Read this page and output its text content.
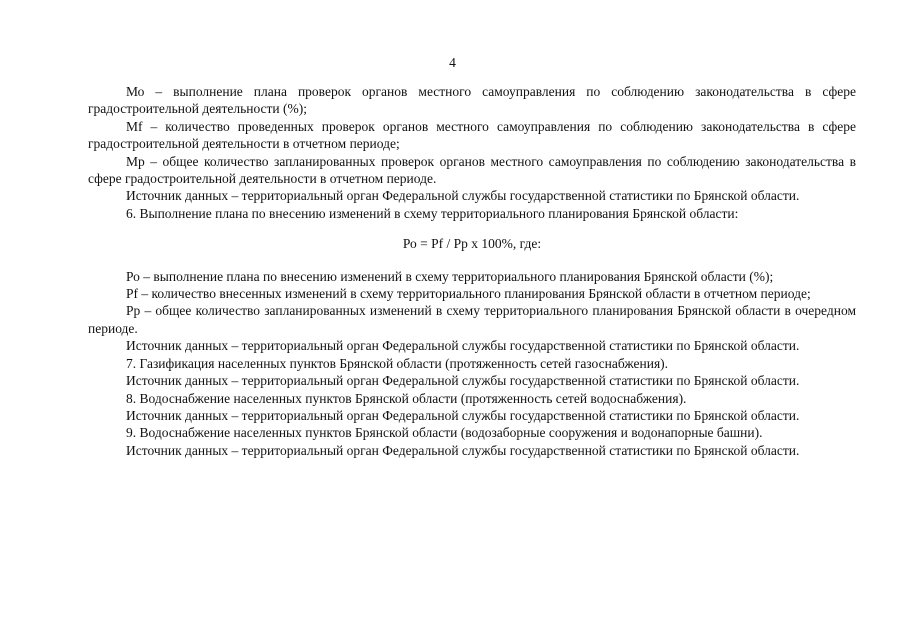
4

Мо – выполнение плана проверок органов местного самоуправления по соблюдению законодательства в сфере градостроительной деятельности (%);

Mf – количество проведенных проверок органов местного самоуправления по соблюдению законодательства в сфере градостроительной деятельности в отчетном периоде;

Mp – общее количество запланированных проверок органов местного самоуправления по соблюдению законодательства в сфере градостроительной деятельности в отчетном периоде.

Источник данных – территориальный орган Федеральной службы государственной статистики по Брянской области.

6. Выполнение плана по внесению изменений в схему территориального планирования Брянской области:

Ро = Pf / Pp х 100%, где:

Ро – выполнение плана по внесению изменений в схему территориального планирования Брянской области (%);

Pf – количество внесенных изменений в схему территориального планирования Брянской области в отчетном периоде;

Рр – общее количество запланированных изменений в схему территориального планирования Брянской области в очередном периоде.

Источник данных – территориальный орган Федеральной службы государственной статистики по Брянской области.

7. Газификация населенных пунктов Брянской области (протяженность сетей газоснабжения).

Источник данных – территориальный орган Федеральной службы государственной статистики по Брянской области.

8. Водоснабжение населенных пунктов Брянской области (протяженность сетей водоснабжения).

Источник данных – территориальный орган Федеральной службы государственной статистики по Брянской области.

9. Водоснабжение населенных пунктов Брянской области (водозаборные сооружения и водонапорные башни).

Источник данных – территориальный орган Федеральной службы государственной статистики по Брянской области.
